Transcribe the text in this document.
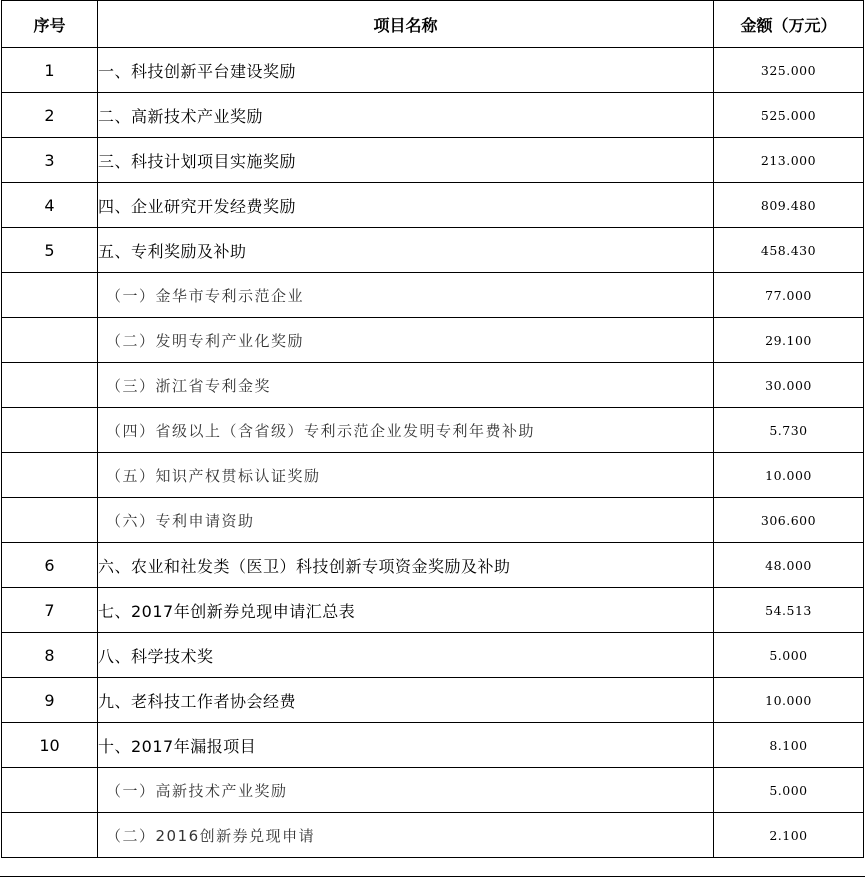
序号	项目名称	金额（万元）
1	一、科技创新平台建设奖励	325.000
2	二、高新技术产业奖励	525.000
3	三、科技计划项目实施奖励	213.000
4	四、企业研究开发经费奖励	809.480
5	五、专利奖励及补助	458.430
	（一）金华市专利示范企业	77.000
	（二）发明专利产业化奖励	29.100
	（三）浙江省专利金奖	30.000
	（四）省级以上（含省级）专利示范企业发明专利年费补助	5.730
	（五）知识产权贯标认证奖励	10.000
	（六）专利申请资助	306.600
6	六、农业和社发类（医卫）科技创新专项资金奖励及补助	48.000
7	七、2017年创新券兑现申请汇总表	54.513
8	八、科学技术奖	5.000
9	九、老科技工作者协会经费	10.000
10	十、2017年漏报项目	8.100
	（一）高新技术产业奖励	5.000
	（二）2016创新券兑现申请	2.100
